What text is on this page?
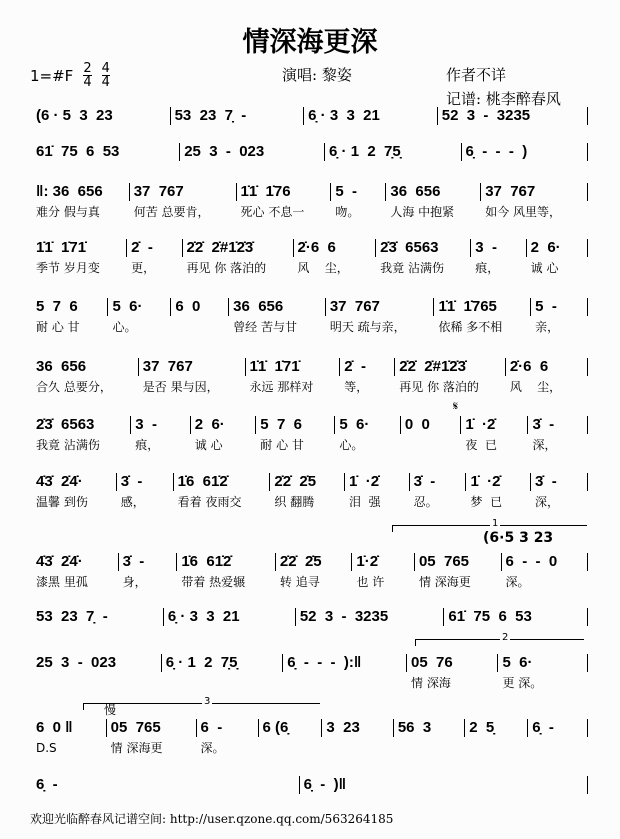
情深海更深
1=#F $\frac{2}{4} \frac{4}{4}$	演唱: 黎姿	作者不详
记谱: 桃李醉春风
(6 · 5  3  23	53  23  7̣  -	6̣ · 3  3  21	52  3  -  3235
61̇  75  6  53	25  3  -  023	6̣ · 1  2  7̣5̣	6̣  -  -  -  )
‖: 36  656
难分 假与真
37  767
何苦 总要肯，
1̇1̇  1̇76
死心 不息一
5  -
吻。
36  656
人海 中抱紧
37  767
如今 风里等，
1̇1̇  1̇71̇
季节 岁月变
2̇  -
更，
2̇2̇  2̇#1̇2̇3̇
再见 你 落泊的
2̇·6  6
风    尘，
2̇3̇  6563
我竟 沾满伤
3  -
痕，
2  6·
诚 心
5  7  6
耐 心 甘
5  6·
心。
6  0	36  656
曾经 苦与甘
37  767
明天 疏与亲，
1̇1̇  1̇765
依稀 多不相
5  -
亲，
36  656
合久 总要分，
37  767
是否 果与因，
1̇1̇  1̇71̇
永远 那样对
2̇  -
等，
2̇2̇  2̇#1̇2̇3̇
再见 你 落泊的
2̇·6  6
风    尘，
2̇3̇  6563
我竟 沾满伤
3  -
痕，
2  6·
诚 心
5  7  6
耐 心 甘
5  6·
心。
0  0	1̇  ·2̇
夜  已
3̇  -
深，
4̇3̇  2̇4̇·
温馨 到伤
3̇  -
感，
1̇6  61̇2̇
看着 夜雨交
2̇2̇  2̇5
织 翻腾
1̇  ·2̇
泪  强
3̇  -
忍。
1̇  ·2̇
梦  已
3̇  -
深，
4̇3̇  2̇4̇·
漆黑 里孤
3̇  -
身，
1̇6  61̇2̇
带着 热爱辗
2̇2̇  2̇5
转 追寻
1̇·2̇
也 许
05  765
情 深海更
6  -  -  0
深。
53  23  7̣  -	6̣ · 3  3  21	52  3  -  3235	61̇  75  6  53
25  3  -  023	6̣ · 1  2  7̣5̣	6̣  -  -  -  ):‖	05  76
情 深海
5  6·
更 深。
6  0 ‖
D.S
05  765
情 深海更
6  -
深。
6 (6̣	3  23	56  3	2  5̣	6̣  -
6̣  -	6̣  -  )‖
1
(6·5 3 23
2
3
慢
𝄋
欢迎光临醉春风记谱空间: http://user.qzone.qq.com/563264185
